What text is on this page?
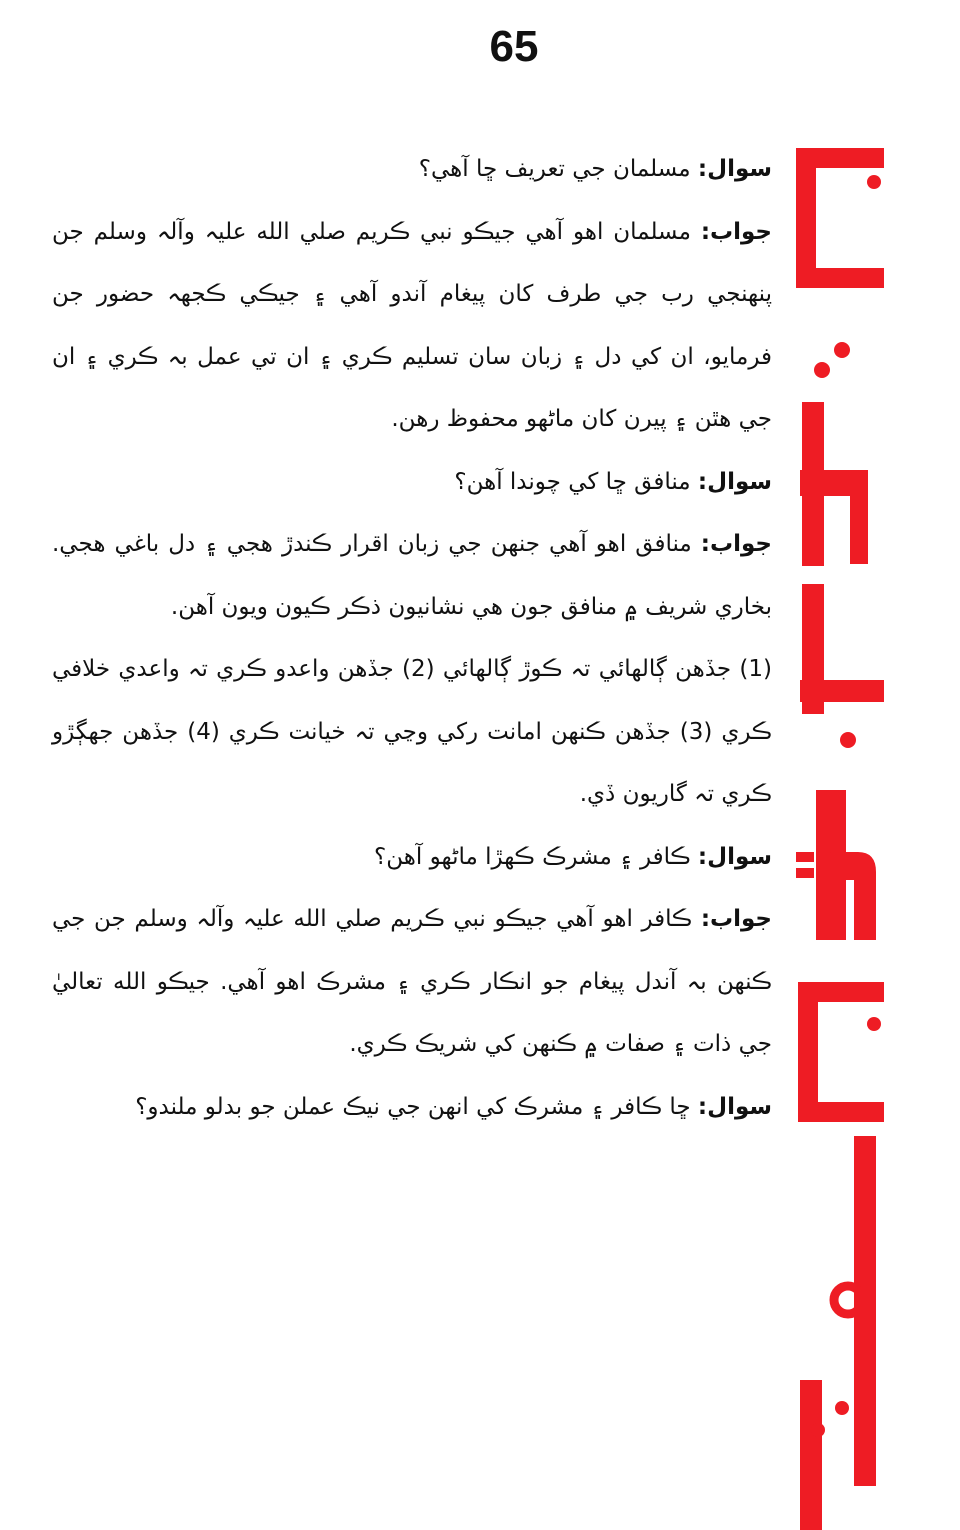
65

سوال: مسلمان جي تعريف ڇا آهي؟

جواب: مسلمان اهو آهي جيڪو نبي ڪريم صلي الله عليہ وآلہ وسلم جن پنهنجي رب جي طرف کان پيغام آندو آهي ۽ جيڪي ڪجهہ حضور جن فرمايو، ان کي دل ۽ زبان سان تسليم ڪري ۽ ان تي عمل بہ ڪري ۽ ان جي هٿن ۽ پيرن کان ماڻهو محفوظ رهن.

سوال: منافق ڇا کي چوندا آهن؟

جواب: منافق اهو آهي جنهن جي زبان اقرار ڪندڙ هجي ۽ دل باغي هجي. بخاري شريف ۾ منافق جون هي نشانيون ذڪر ڪيون ويون آهن.

(1) جڏهن ڳالهائي تہ ڪوڙ ڳالهائي (2) جڏهن واعدو ڪري تہ واعدي خلافي ڪري (3) جڏهن ڪنهن امانت رکي وڃي تہ خيانت ڪري (4) جڏهن جهڳڙو ڪري تہ گاريون ڏي.

سوال: ڪافر ۽ مشرڪ ڪهڙا ماڻهو آهن؟

جواب: ڪافر اهو آهي جيڪو نبي ڪريم صلي الله عليہ وآلہ وسلم جن جي ڪنهن بہ آندل پيغام جو انڪار ڪري ۽ مشرڪ اهو آهي. جيڪو الله تعاليٰ جي ذات ۽ صفات ۾ ڪنهن کي شريڪ ڪري.

سوال: ڇا ڪافر ۽ مشرڪ کي انهن جي نيڪ عملن جو بدلو ملندو؟
